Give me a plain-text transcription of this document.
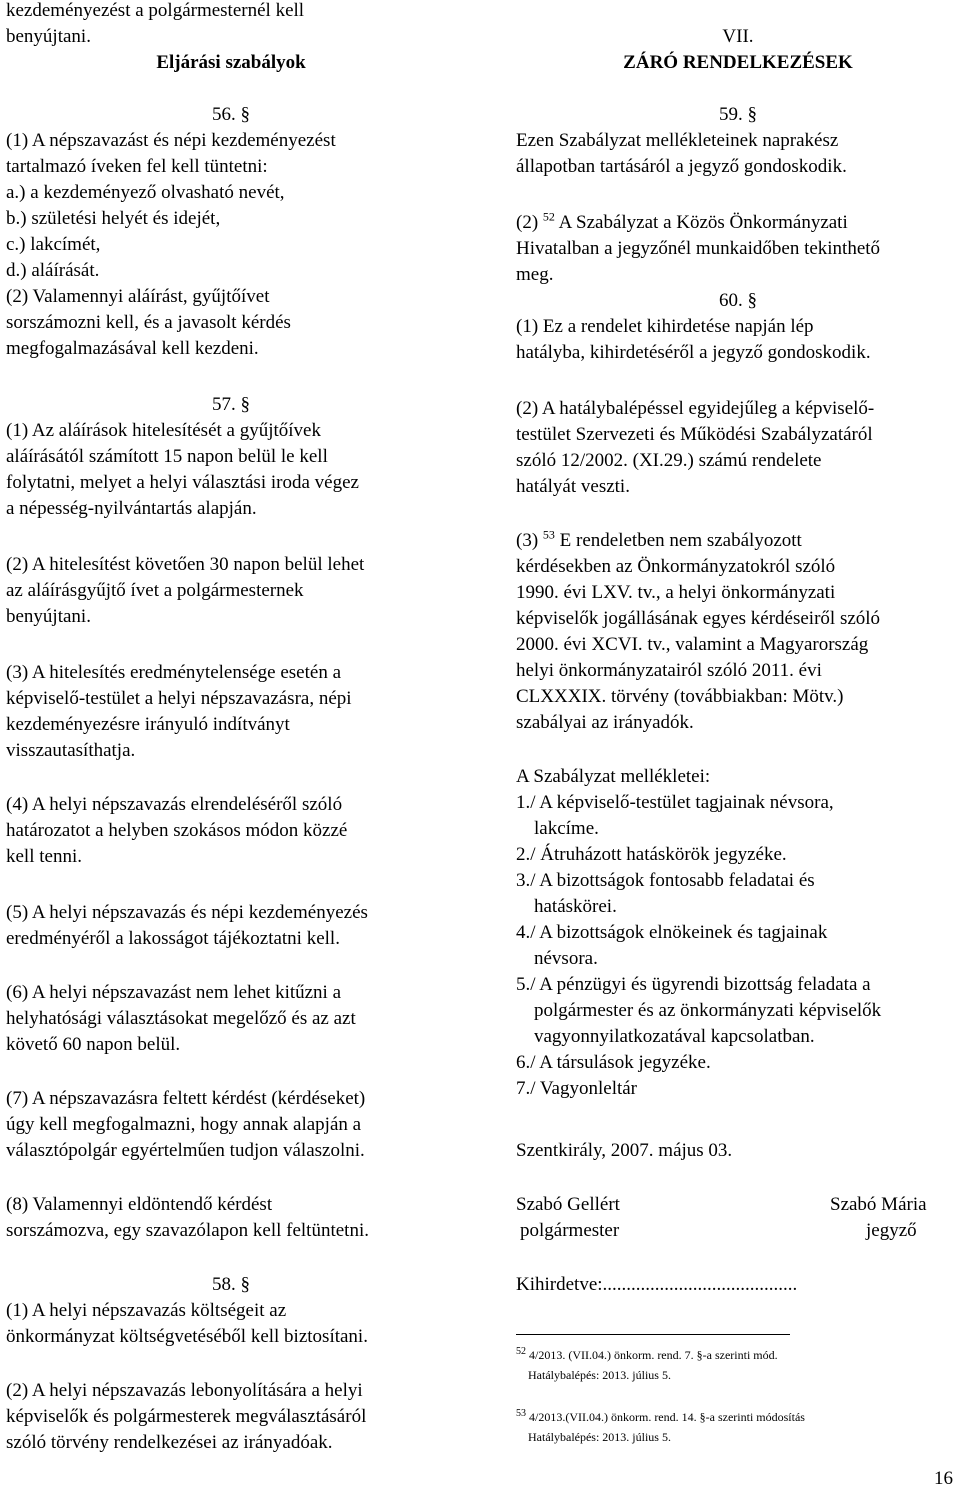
kezdeményezést a polgármesternél kell
benyújtani.
Eljárási szabályok
56. §
(1) A népszavazást és népi kezdeményezést
tartalmazó íveken fel kell tüntetni:
a.) a kezdeményező olvasható nevét,
b.) születési helyét és idejét,
c.) lakcímét,
d.) aláírását.
(2) Valamennyi aláírást, gyűjtőívet
sorszámozni kell, és a javasolt kérdés
megfogalmazásával kell kezdeni.
57. §
(1) Az aláírások hitelesítését a gyűjtőívek
aláírásától számított 15 napon belül le kell
folytatni, melyet a helyi választási iroda végez
a népesség-nyilvántartás alapján.
(2) A hitelesítést követően 30 napon belül lehet
az aláírásgyűjtő ívet a polgármesternek
benyújtani.
(3) A hitelesítés eredménytelensége esetén a
képviselő-testület a helyi népszavazásra, népi
kezdeményezésre irányuló indítványt
visszautasíthatja.
(4) A helyi népszavazás elrendeléséről szóló
határozatot a helyben szokásos módon közzé
kell tenni.
(5) A helyi népszavazás és népi kezdeményezés
eredményéről a lakosságot tájékoztatni kell.
(6) A helyi népszavazást nem lehet kitűzni a
helyhatósági választásokat megelőző és az azt
követő 60 napon belül.
(7) A népszavazásra feltett kérdést (kérdéseket)
úgy kell megfogalmazni, hogy annak alapján a
választópolgár egyértelműen tudjon válaszolni.
(8) Valamennyi eldöntendő kérdést
sorszámozva, egy szavazólapon kell feltüntetni.
58. §
(1) A helyi népszavazás költségeit az
önkormányzat költségvetéséből kell biztosítani.
(2) A helyi népszavazás lebonyolítására a helyi
képviselők és polgármesterek megválasztásáról
szóló törvény rendelkezései az irányadóak.
VII.
ZÁRÓ RENDELKEZÉSEK
59. §
Ezen Szabályzat mellékleteinek naprakész
állapotban tartásáról a jegyző gondoskodik.
(2) $^{52}$ A Szabályzat a Közös Önkormányzati
Hivatalban a jegyzőnél munkaidőben tekinthető
meg.
60. §
(1) Ez a rendelet kihirdetése napján lép
hatályba, kihirdetéséről a jegyző gondoskodik.
(2) A hatálybalépéssel egyidejűleg a képviselő-
testület Szervezeti és Működési Szabályzatáról
szóló 12/2002. (XI.29.) számú rendelete
hatályát veszti.
(3) $^{53}$ E rendeletben nem szabályozott
kérdésekben az Önkormányzatokról szóló
1990. évi LXV. tv., a helyi önkormányzati
képviselők jogállásának egyes kérdéseiről szóló
2000. évi XCVI. tv., valamint a Magyarország
helyi önkormányzatairól szóló 2011. évi
CLXXXIX. törvény (továbbiakban: Mötv.)
szabályai az irányadók.
A Szabályzat mellékletei:
1./ A képviselő-testület tagjainak névsora,
lakcíme.
2./ Átruházott hatáskörök jegyzéke.
3./ A bizottságok fontosabb feladatai és
hatáskörei.
4./ A bizottságok elnökeinek és tagjainak
névsora.
5./ A pénzügyi és ügyrendi bizottság feladata a
polgármester és az önkormányzati képviselők
vagyonnyilatkozatával kapcsolatban.
6./ A társulások jegyzéke.
7./ Vagyonleltár
Szentkirály, 2007. május 03.
Szabó Gellért
polgármester
Szabó Mária
jegyző
Kihirdetve:.........................................
$^{52}$ 4/2013. (VII.04.) önkorm. rend. 7. §-a szerinti mód.
Hatálybalépés: 2013. július 5.
$^{53}$ 4/2013.(VII.04.) önkorm. rend. 14. §-a szerinti módosítás
Hatálybalépés: 2013. július 5.
16
